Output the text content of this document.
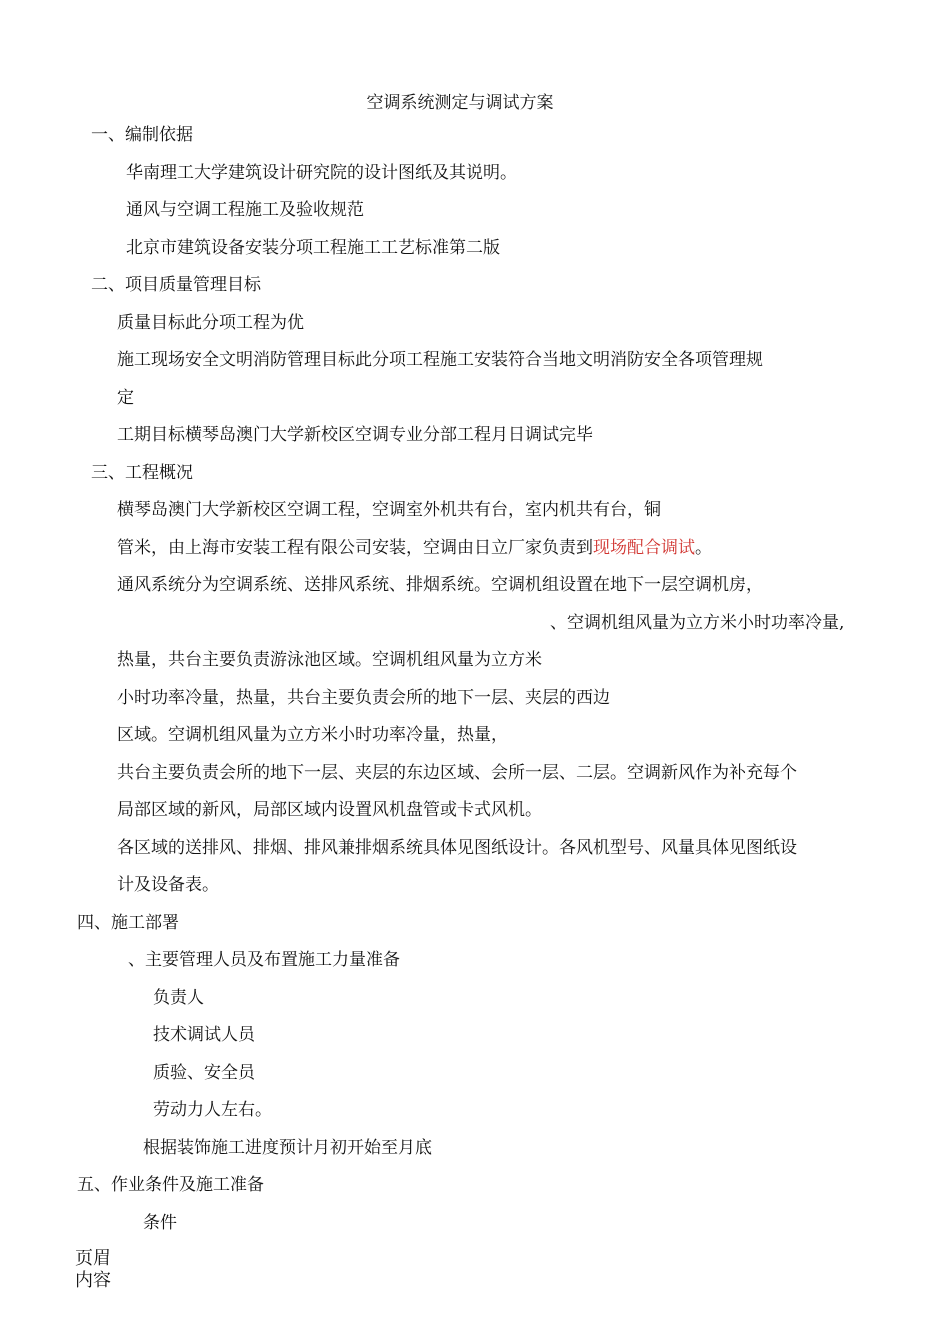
空调系统测定与调试方案
一、编制依据
华南理工大学建筑设计研究院的设计图纸及其说明。
通风与空调工程施工及验收规范
北京市建筑设备安装分项工程施工工艺标准第二版
二、项目质量管理目标
质量目标此分项工程为优
施工现场安全文明消防管理目标此分项工程施工安装符合当地文明消防安全各项管理规
定
工期目标横琴岛澳门大学新校区空调专业分部工程月日调试完毕
三、工程概况
横琴岛澳门大学新校区空调工程，空调室外机共有台，室内机共有台，铜
管米，由上海市安装工程有限公司安装，空调由日立厂家负责到现场配合调试。
通风系统分为空调系统、送排风系统、排烟系统。空调机组设置在地下一层空调机房，
、空调机组风量为立方米小时功率冷量,
热量，共台主要负责游泳池区域。空调机组风量为立方米
小时功率冷量，热量，共台主要负责会所的地下一层、夹层的西边
区域。空调机组风量为立方米小时功率冷量，热量，
共台主要负责会所的地下一层、夹层的东边区域、会所一层、二层。空调新风作为补充每个
局部区域的新风，局部区域内设置风机盘管或卡式风机。
各区域的送排风、排烟、排风兼排烟系统具体见图纸设计。各风机型号、风量具体见图纸设
计及设备表。
四、施工部署
、主要管理人员及布置施工力量准备
负责人
技术调试人员
质验、安全员
劳动力人左右。
根据装饰施工进度预计月初开始至月底
五、作业条件及施工准备
条件
页眉
内容
